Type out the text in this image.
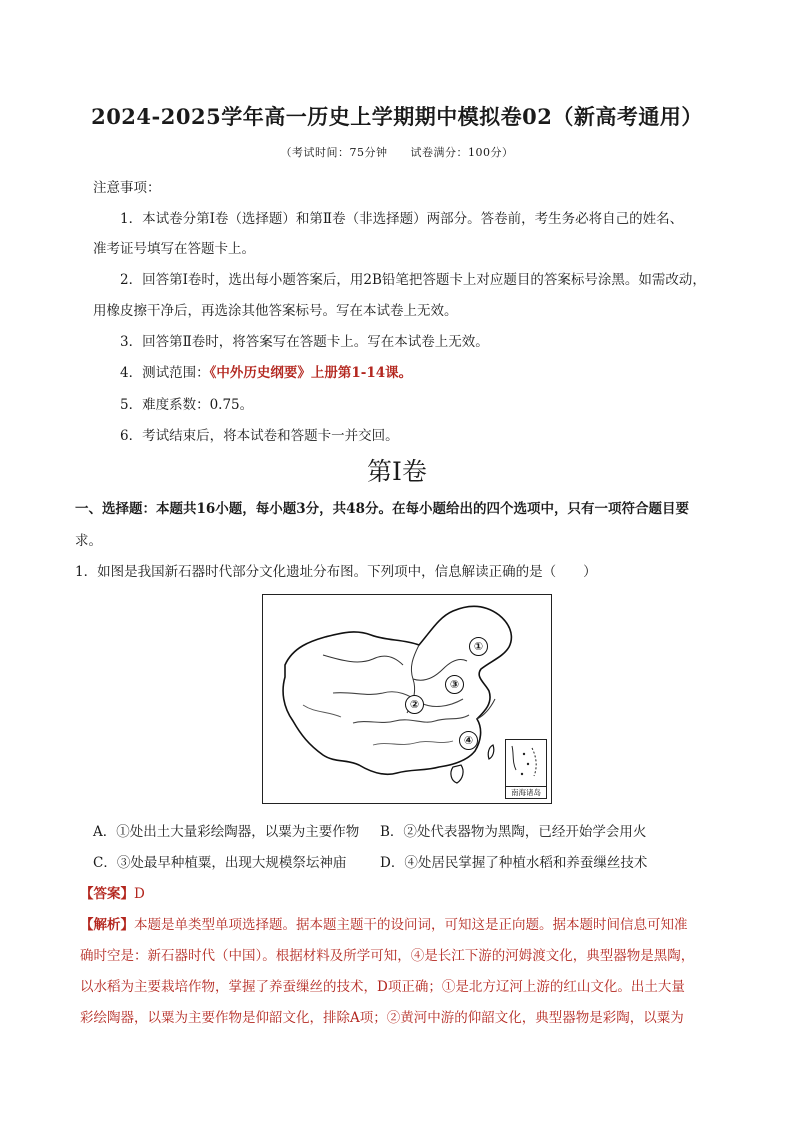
2024-2025学年高一历史上学期期中模拟卷02（新高考通用）
（考试时间：75分钟　　试卷满分：100分）
注意事项：
1．本试卷分第Ⅰ卷（选择题）和第Ⅱ卷（非选择题）两部分。答卷前，考生务必将自己的姓名、
准考证号填写在答题卡上。
2．回答第Ⅰ卷时，选出每小题答案后，用2B铅笔把答题卡上对应题目的答案标号涂黑。如需改动，
用橡皮擦干净后，再选涂其他答案标号。写在本试卷上无效。
3．回答第Ⅱ卷时，将答案写在答题卡上。写在本试卷上无效。
4．测试范围：《中外历史纲要》上册第1-14课。
5．难度系数：0.75。
6．考试结束后，将本试卷和答题卡一并交回。
第Ⅰ卷
一、选择题：本题共16小题，每小题3分，共48分。在每小题给出的四个选项中，只有一项符合题目要
求。
1．如图是我国新石器时代部分文化遗址分布图。下列项中，信息解读正确的是（　　）
①
②
③
④
南海诸岛
A．①处出土大量彩绘陶器，以粟为主要作物 B．②处代表器物为黑陶，已经开始学会用火
C．③处最早种植粟，出现大规模祭坛神庙 D．④处居民掌握了种植水稻和养蚕缫丝技术
【答案】D
【解析】本题是单类型单项选择题。据本题主题干的设问词，可知这是正向题。据本题时间信息可知准
确时空是：新石器时代（中国）。根据材料及所学可知，④是长江下游的河姆渡文化，典型器物是黑陶，
以水稻为主要栽培作物，掌握了养蚕缫丝的技术，D项正确；①是北方辽河上游的红山文化。出土大量
彩绘陶器，以粟为主要作物是仰韶文化，排除A项；②黄河中游的仰韶文化，典型器物是彩陶，以粟为
